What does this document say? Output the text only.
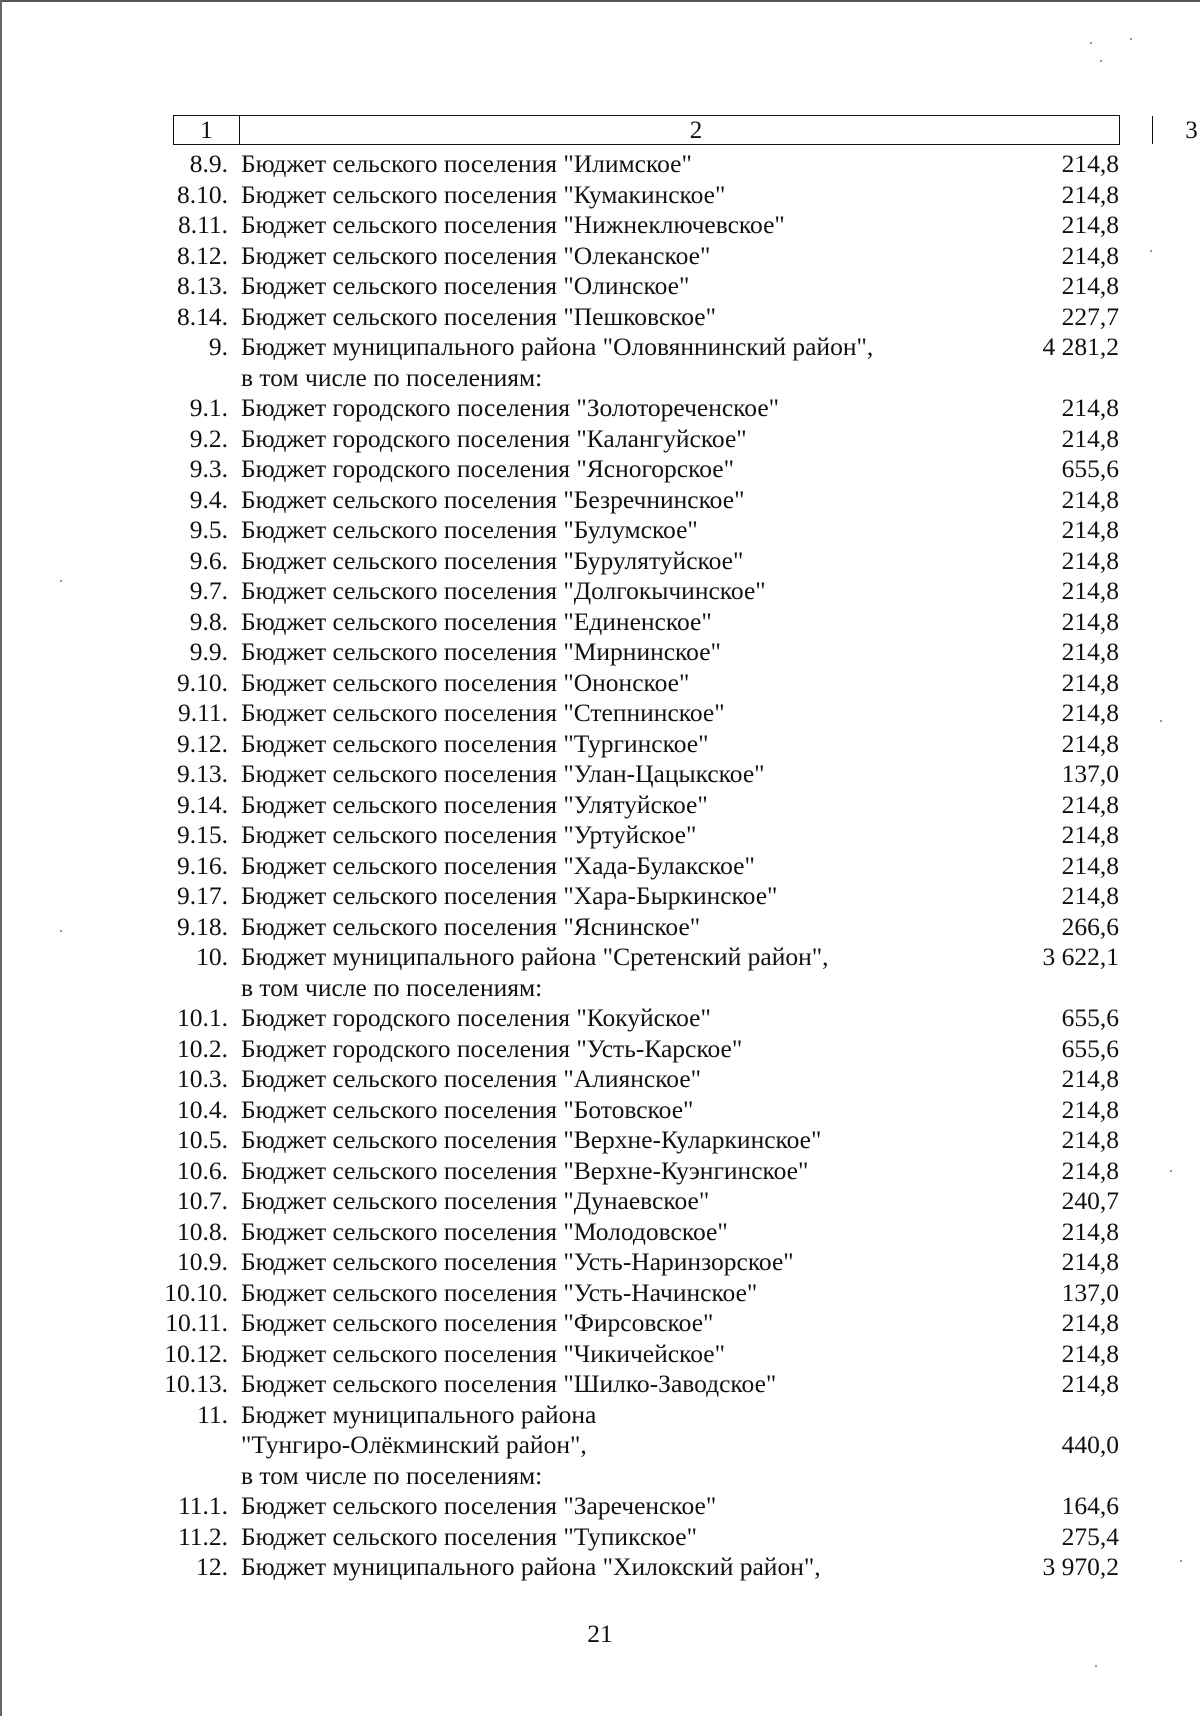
1	2	3
8.9. Бюджет сельского поселения "Илимское"	214,8
8.10. Бюджет сельского поселения "Кумакинское"	214,8
8.11. Бюджет сельского поселения "Нижнеключевское"	214,8
8.12. Бюджет сельского поселения "Олеканское"	214,8
8.13. Бюджет сельского поселения "Олинское"	214,8
8.14. Бюджет сельского поселения "Пешковское"	227,7
9. Бюджет муниципального района "Оловяннинский район",	4 281,2
в том числе по поселениям:
9.1. Бюджет городского поселения "Золотореченское"	214,8
9.2. Бюджет городского поселения "Калангуйское"	214,8
9.3. Бюджет городского поселения "Ясногорское"	655,6
9.4. Бюджет сельского поселения "Безречнинское"	214,8
9.5. Бюджет сельского поселения "Булумское"	214,8
9.6. Бюджет сельского поселения "Бурулятуйское"	214,8
9.7. Бюджет сельского поселения "Долгокычинское"	214,8
9.8. Бюджет сельского поселения "Единенское"	214,8
9.9. Бюджет сельского поселения "Мирнинское"	214,8
9.10. Бюджет сельского поселения "Ононское"	214,8
9.11. Бюджет сельского поселения "Степнинское"	214,8
9.12. Бюджет сельского поселения "Тургинское"	214,8
9.13. Бюджет сельского поселения "Улан-Цацыкское"	137,0
9.14. Бюджет сельского поселения "Улятуйское"	214,8
9.15. Бюджет сельского поселения "Уртуйское"	214,8
9.16. Бюджет сельского поселения "Хада-Булакское"	214,8
9.17. Бюджет сельского поселения "Хара-Быркинское"	214,8
9.18. Бюджет сельского поселения "Яснинское"	266,6
10. Бюджет муниципального района "Сретенский район",	3 622,1
в том числе по поселениям:
10.1. Бюджет городского поселения "Кокуйское"	655,6
10.2. Бюджет городского поселения "Усть-Карское"	655,6
10.3. Бюджет сельского поселения "Алиянское"	214,8
10.4. Бюджет сельского поселения "Ботовское"	214,8
10.5. Бюджет сельского поселения "Верхне-Куларкинское"	214,8
10.6. Бюджет сельского поселения "Верхне-Куэнгинское"	214,8
10.7. Бюджет сельского поселения "Дунаевское"	240,7
10.8. Бюджет сельского поселения "Молодовское"	214,8
10.9. Бюджет сельского поселения "Усть-Наринзорское"	214,8
10.10. Бюджет сельского поселения "Усть-Начинское"	137,0
10.11. Бюджет сельского поселения "Фирсовское"	214,8
10.12. Бюджет сельского поселения "Чикичейское"	214,8
10.13. Бюджет сельского поселения "Шилко-Заводское"	214,8
11. Бюджет муниципального района
"Тунгиро-Олёкминский район",	440,0
в том числе по поселениям:
11.1. Бюджет сельского поселения "Зареченское"	164,6
11.2. Бюджет сельского поселения "Тупикское"	275,4
12. Бюджет муниципального района "Хилокский район",	3 970,2
21
